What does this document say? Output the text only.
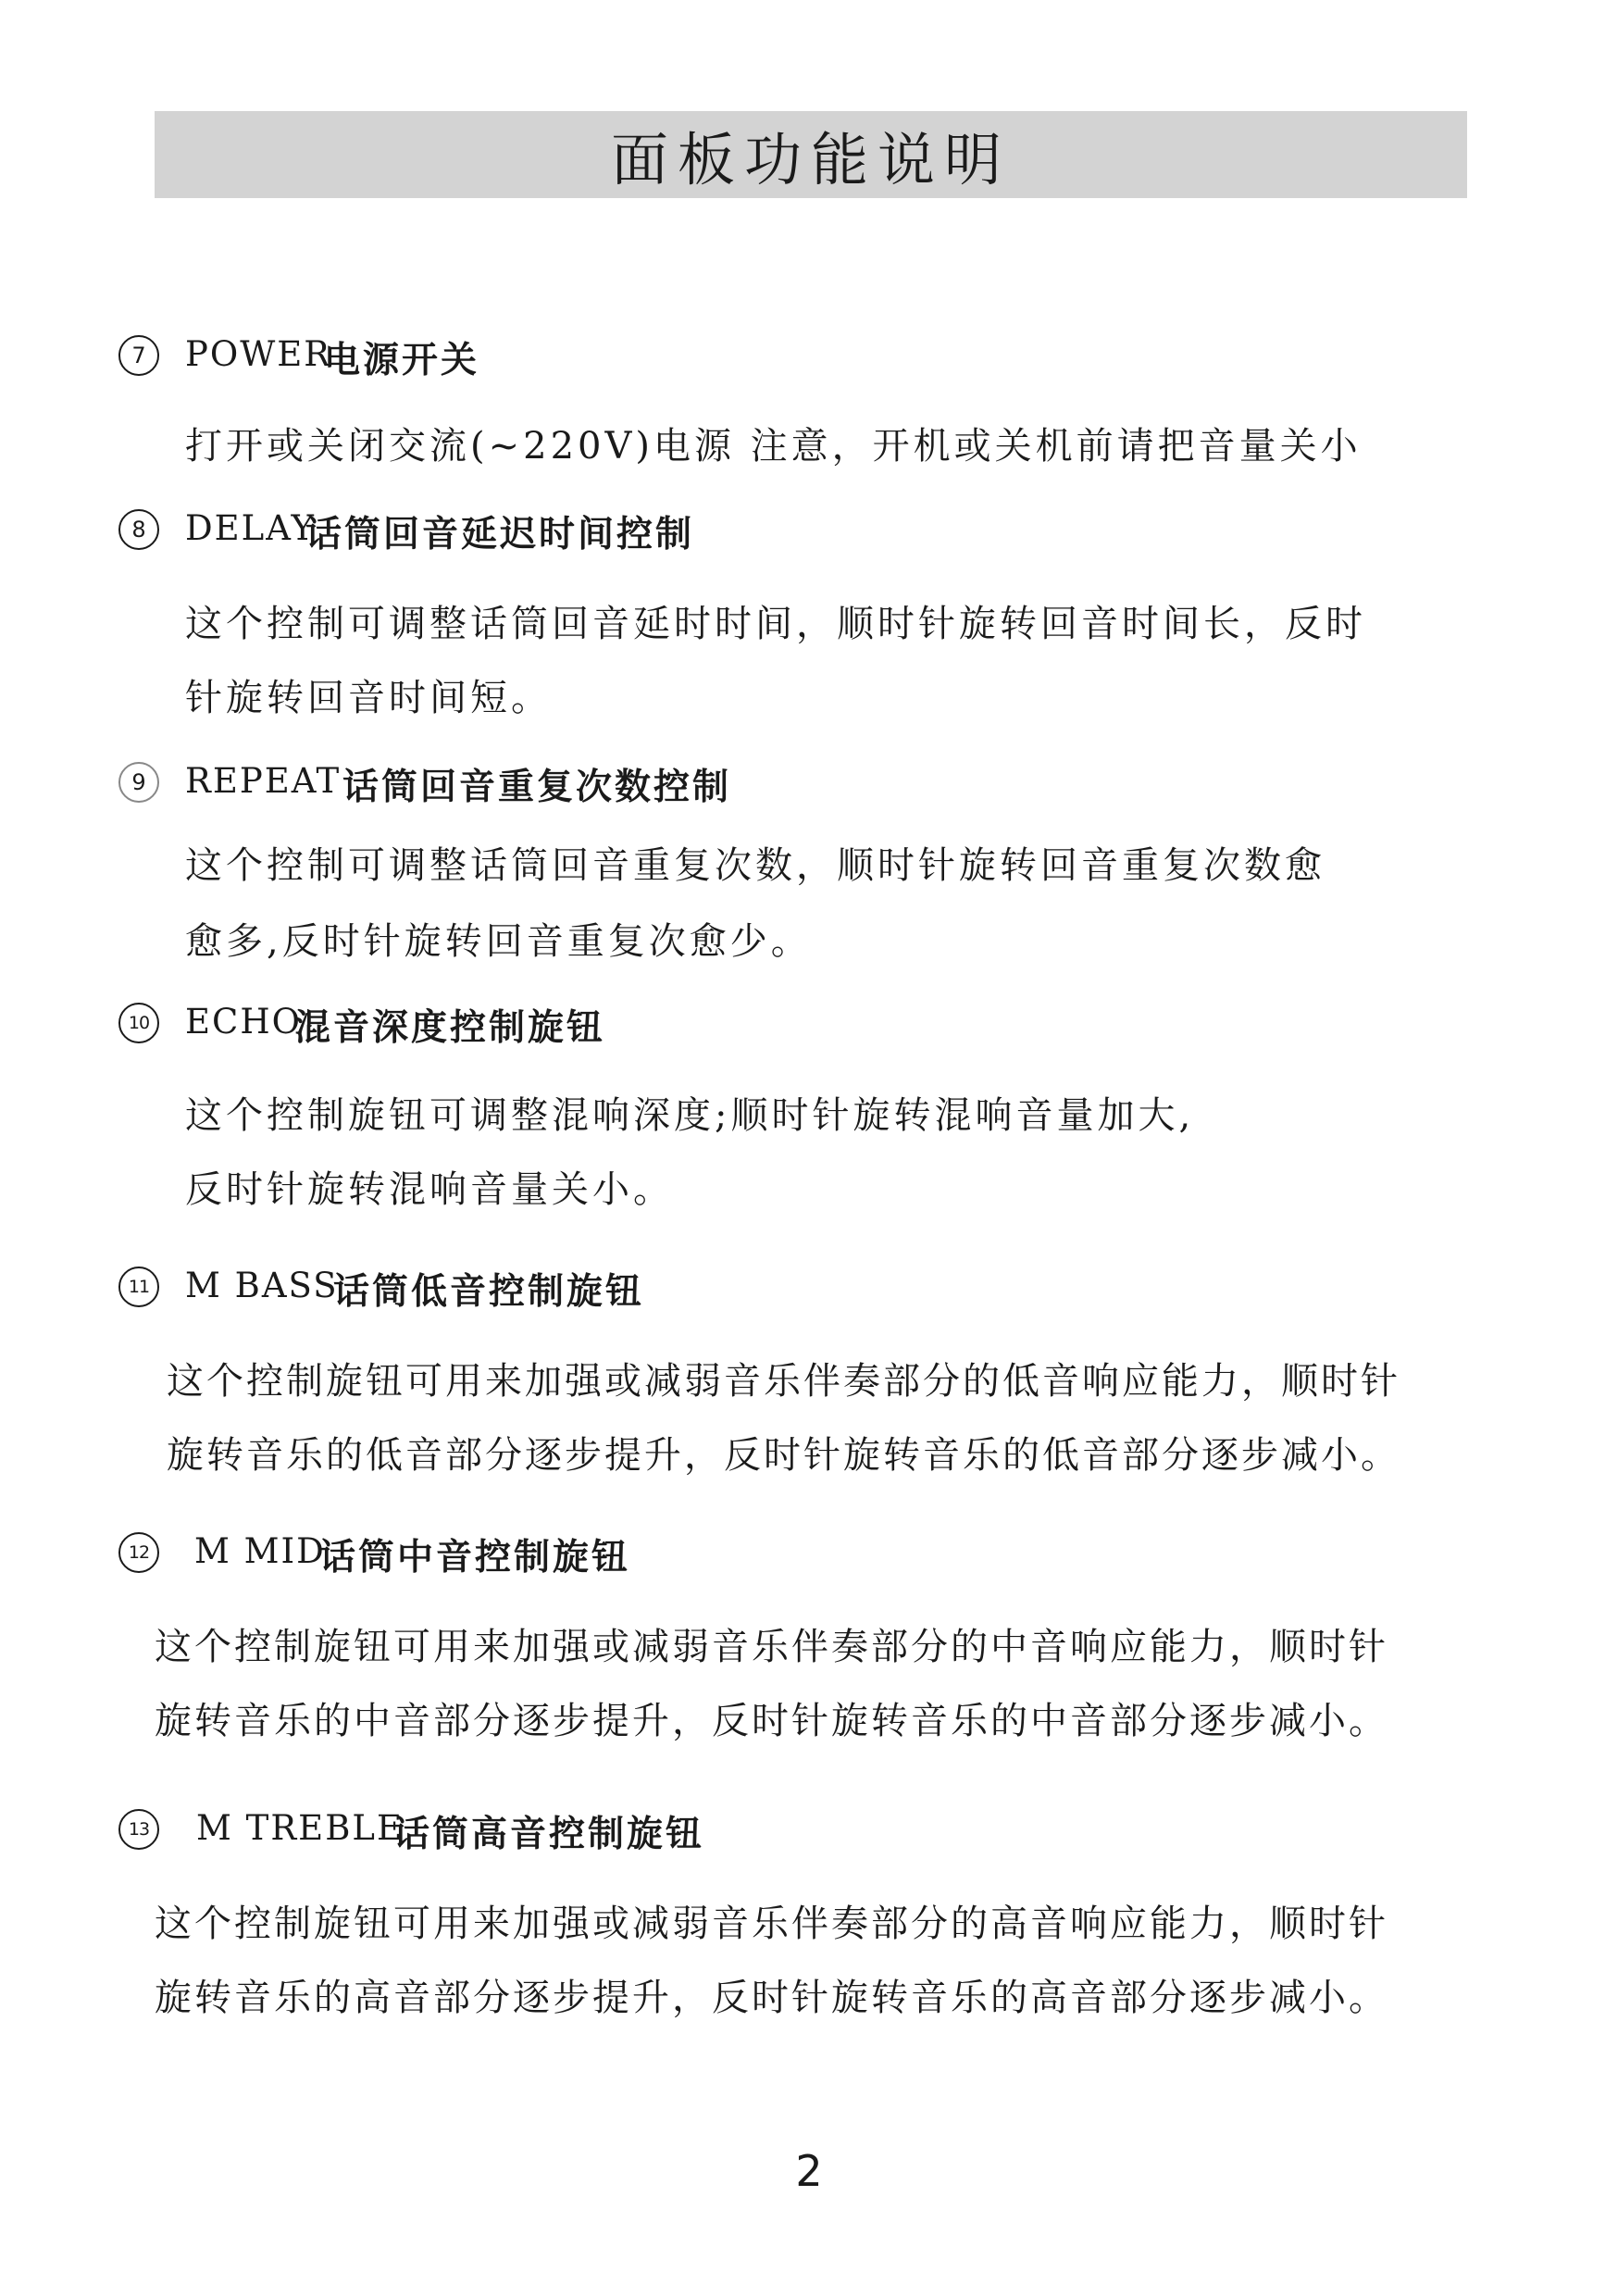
面板功能说明
7	POWER
电源开关
打开或关闭交流(~220V)电源 注意，开机或关机前请把音量关小
8	DELAY
话筒回音延迟时间控制
这个控制可调整话筒回音延时时间，顺时针旋转回音时间长，反时
针旋转回音时间短。
9	REPEAT 话筒回音重复次数控制
这个控制可调整话筒回音重复次数，顺时针旋转回音重复次数愈
愈多,反时针旋转回音重复次愈少。
10 ECHO
混音深度控制旋钮
这个控制旋钮可调整混响深度;顺时针旋转混响音量加大,
反时针旋转混响音量关小。
11 M BASS
话筒低音控制旋钮
这个控制旋钮可用来加强或减弱音乐伴奏部分的低音响应能力，顺时针
旋转音乐的低音部分逐步提升，反时针旋转音乐的低音部分逐步减小。
12 M MID
话筒中音控制旋钮
这个控制旋钮可用来加强或减弱音乐伴奏部分的中音响应能力，顺时针
旋转音乐的中音部分逐步提升，反时针旋转音乐的中音部分逐步减小。
13 M TREBLE
话筒高音控制旋钮
这个控制旋钮可用来加强或减弱音乐伴奏部分的高音响应能力，顺时针
旋转音乐的高音部分逐步提升，反时针旋转音乐的高音部分逐步减小。
2
